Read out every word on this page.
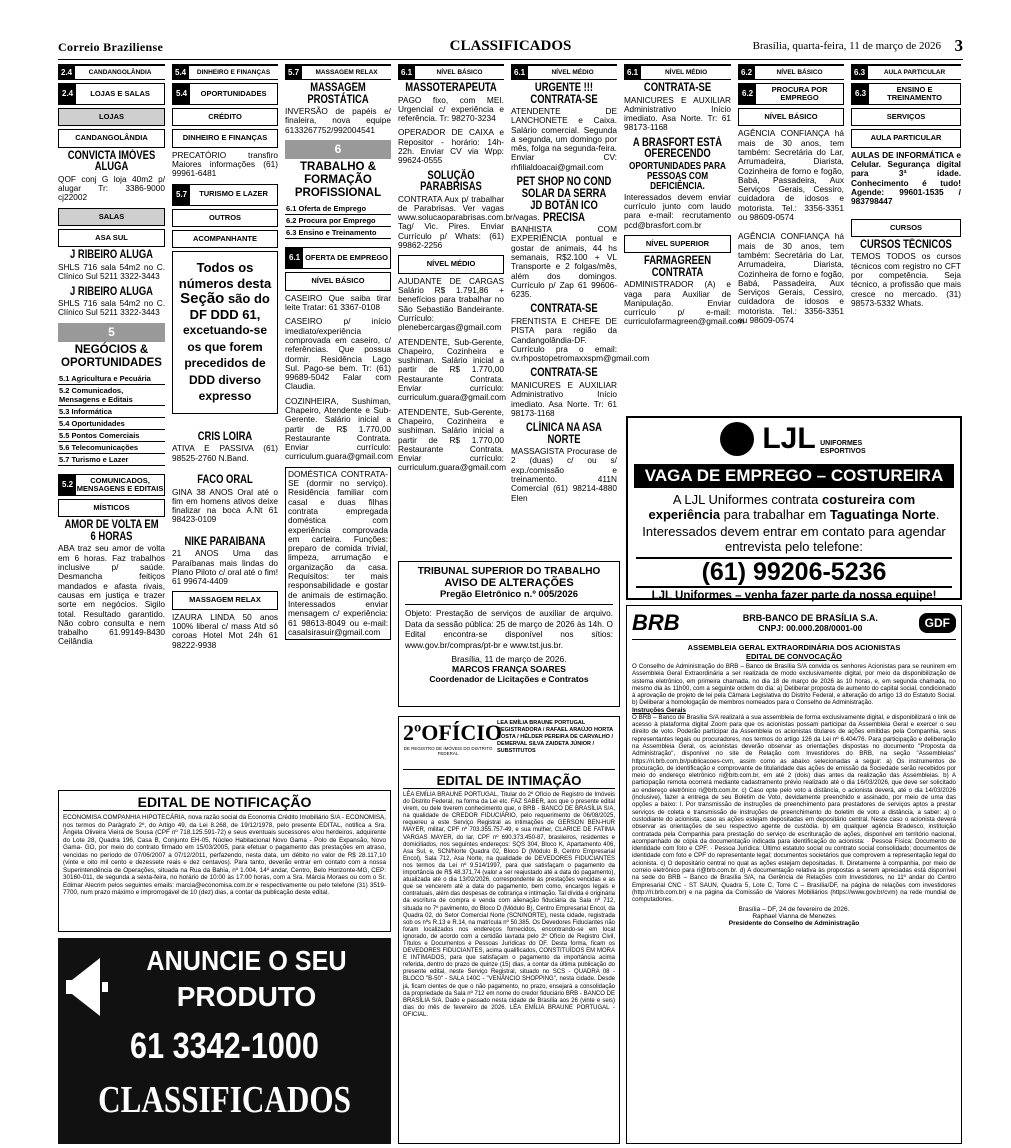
Correio Braziliense	CLASSIFICADOS	Brasília, quarta-feira, 11 de março de 2026 3
2.4	CANDANGOLÂNDIA
2.4	LOJAS E SALAS
LOJAS
CANDANGOLÂNDIA
CONVICTA IMÓVES ALUGA
QOF conj G loja 40m2 p/ alugar Tr: 3386-9000 cj22002
SALAS
ASA SUL
J RIBEIRO ALUGA
SHLS 716 sala 54m2 no C. Clínico Sul 5211 3322-3443
J RIBEIRO ALUGA
SHLS 716 sala 54m2 no C. Clínico Sul 5211 3322-3443
5
NEGÓCIOS & OPORTUNIDADES
5.1 Agricultura e Pecuária
5.2 Comunicados, Mensagens e Editais
5.3 Informática
5.4 Oportunidades
5.5 Pontos Comerciais
5.6 Telecomunicações
5.7 Turismo e Lazer
5.2	COMUNICADOS, MENSAGENS E EDITAIS
MÍSTICOS
AMOR DE VOLTA EM 6 HORAS
ABA traz seu amor de volta em 6 horas. Faz trabalhos inclusive p/ saúde. Desmancha feitiços mandados e afasta rivais, causas em justiça e trazer sorte em negócios. Sigilo total. Resultado garantido. Não cobro consulta e nem trabalho 61.99149-8430 Ceilândia
5.4	DINHEIRO E FINANÇAS
5.4	OPORTUNIDADES
CRÉDITO
DINHEIRO E FINANÇAS
PRECATÓRIO transfiro Maiores informações (61) 99961-6481
5.7	TURISMO E LAZER
OUTROS
ACOMPANHANTE
Todos os números desta Seção são do DF DDD 61, excetuando-se os que forem precedidos de DDD diverso expresso
CRIS LOIRA
ATIVA E PASSIVA (61) 98525-2760 N.Band.
FACO ORAL
GINA 38 ANOS Oral até o fim em homens ativos deixe finalizar na boca A.Nt 61 98423-0109
NIKE PARAIBANA
21 ANOS Uma das Paraíbanas mais lindas do Plano Piloto c/ oral até o fim! 61 99674-4409
MASSAGEM RELAX
IZAURA LINDA 50 anos 100% liberal c/ mass Atd só coroas Hotel Mot 24h 61 98222-9938
5.7	MASSAGEM RELAX
MASSAGEM PROSTÁTICA
INVERSÃO de papéis e/ finaleira, nova equipe 6133267752/992004541
6
TRABALHO & FORMAÇÃO PROFISSIONAL
6.1 Oferta de Emprego
6.2 Procura por Emprego
6.3 Ensino e Treinamento
6.1 OFERTA DE EMPREGO
NÍVEL BÁSICO
CASEIRO Que saiba tirar leite Tratar: 61 3367-0108
CASEIRO p/ início imediato/experiência comprovada em caseiro, c/ referências. Que possua dormir. Residência Lago Sul. Pago-se bem. Tr: (61) 99689-5042 Falar com Claudia.
COZINHEIRA, Sushiman, Chapeiro, Atendente e Sub-Gerente. Salário inicial a partir de R$ 1.770,00 Restaurante Contrata. Enviar currículo: curriculum.guara@gmail.com
DOMÉSTICA CONTRATA-SE (dormir no serviço). Residência familiar com casal e duas filhas contrata empregada doméstica com experiência comprovada em carteira. Funções: preparo de comida trivial, limpeza, arrumação e organização da casa. Requisitos: ter mais responsabilidade e gostar de animais de estimação. Interessados enviar mensagem c/ experiência: 61 98613-8049 ou e-mail: casalsirasuir@gmail.com
6.1	NÍVEL BÁSICO
MASSOTERAPEUTA
PAGO fixo, com MEI. Urgencial c/ experiência e referência. Tr: 98270-3234
OPERADOR DE CAIXA e Repositor - horário: 14h-22h. Enviar CV via Wpp: 99624-0555
SOLUÇÃO PARABRISAS
CONTRATA Aux p/ trabalhar de Parabrisas. Ver vagas www.solucaoparabrisas.com.br/vagas. Tag/ Vic. Pires. Enviar Currículo p/ Whats: (61) 99862-2256
NÍVEL MÉDIO
AJUDANTE DE CARGAS Salário R$ 1.791,86 + benefícios para trabalhar no São Sebastião Bandeirante. Currículo: plenebercargas@gmail.com
ATENDENTE, Sub-Gerente, Chapeiro, Cozinheira e sushiman. Salário inicial a partir de R$ 1.770,00 Restaurante Contrata. Enviar currículo: curriculum.guara@gmail.com
ATENDENTE, Sub-Gerente, Chapeiro, Cozinheira e sushiman. Salário inicial a partir de R$ 1.770,00 Restaurante Contrata. Enviar currículo: curriculum.guara@gmail.com
6.1	NÍVEL MÉDIO
URGENTE !!! CONTRATA-SE
ATENDENTE DE LANCHONETE e Caixa. Salário comercial. Segunda a segunda, um domingo por mês, folga na segunda-feira. Enviar CV: rhfilialdoacai@gmail.com
PET SHOP NO COND SOLAR DA SERRA
JD BOTÂN ICO PRECISA
BANHISTA COM EXPERIÊNCIA pontual e gostar de animais, 44 hs semanais, R$2.100 + VL Transporte e 2 folgas/mês, além dos domingos. Currículo p/ Zap 61 99606-6235.
CONTRATA-SE
FRENTISTA E CHEFE DE PISTA para região da Candangolândia-DF. Currículo pra o email: cv.rhpostopetromaxxspm@gmail.com
CONTRATA-SE
MANICURES E AUXILIAR Administrativo Início imediato. Asa Norte. Tr: 61 98173-1168
CLÍNICA NA ASA NORTE
MASSAGISTA Procurase de 2 (duas) c/ ou s/ exp./comissão e treinamento. 411N Comercial (61) 98214-4880 Elen
6.1	NÍVEL MÉDIO
CONTRATA-SE
MANICURES E AUXILIAR Administrativo Início imediato. Asa Norte. Tr: 61 98173-1168
A BRASFORT ESTÁ OFERECENDO
OPORTUNIDADES PARA PESSOAS COM DEFICIÊNCIA.
Interessados devem enviar currículo junto com laudo para e-mail: recrutamento pcd@brasfort.com.br
NÍVEL SUPERIOR
FARMAGREEN CONTRATA
ADMINISTRADOR (A) e vaga para Auxiliar de Manipulação. Enviar currículo p/ e-mail: curriculofarmagreen@gmail.com
6.2	NÍVEL BÁSICO
6.2	PROCURA POR EMPREGO
NÍVEL BÁSICO
AGÊNCIA CONFIANÇA há mais de 30 anos, tem também: Secretária do Lar, Arrumadeira, Diarista, Cozinheira de forno e fogão, Babá, Passadeira, Aux Serviços Gerais, Cessiro, cuidadora de idosos e motorista. Tel.: 3356-3351 ou 98609-0574
AGÊNCIA CONFIANÇA há mais de 30 anos, tem também: Secretária do Lar, Arrumadeira, Diarista, Cozinheira de forno e fogão, Babá, Passadeira, Aux Serviços Gerais, Cessiro, cuidadora de idosos e motorista. Tel.: 3356-3351 ou 98609-0574
6.3	AULA PARTICULAR
6.3	ENSINO E TREINAMENTO
SERVIÇOS
AULA PARTICULAR
AULAS DE INFORMÁTICA e Celular. Segurança digital para 3ª idade. Conhecimento é tudo! Agende: 99601-1535 / 983798447
CURSOS
CURSOS TÉCNICOS
TEMOS TODOS os cursos técnicos com registro no CFT por competência. Seja técnico, a profissão que mais cresce no mercado. (31) 98573-5332 Whats.
LJL UNIFORMES ESPORTIVOS
VAGA DE EMPREGO – COSTUREIRA
A LJL Uniformes contrata costureira com experiência para trabalhar em Taguatinga Norte.
Interessados devem entrar em contato para agendar entrevista pelo telefone:
(61) 99206-5236
LJL Uniformes – venha fazer parte da nossa equipe!
TRIBUNAL SUPERIOR DO TRABALHO
AVISO DE ALTERAÇÕES
Pregão Eletrônico n.º 005/2026
Objeto: Prestação de serviços de auxiliar de arquivo. Data da sessão pública: 25 de março de 2026 às 14h. O Edital encontra-se disponível nos sítios: www.gov.br/compras/pt-br e www.tst.jus.br.
Brasília, 11 de março de 2026.
MARCOS FRANÇA SOARES
Coordenador de Licitações e Contratos
2ºOFÍCIO
DE REGISTRO DE IMÓVEIS DO DISTRITO FEDERAL
LEA EMÍLIA BRAUNE PORTUGAL REGISTRADORA / RAFAEL ARAÚJO HORTA COSTA / HÉLDER PEREIRA DE CARVALHO / DEMERVAL SILVA ZAIDETA JÚNIOR / SUBSTITUTOS
EDITAL DE INTIMAÇÃO
LÉA EMÍLIA BRAUNE PORTUGAL, Titular do 2º Ofício de Registro de Imóveis do Distrito Federal, na forma da Lei etc. FAZ SABER, aos que o presente edital virem, ou dele tiverem conhecimento que, o BRB - BANCO DE BRASÍLIA S/A, na qualidade de CREDOR FIDUCIÁRIO, pelo requerimento de 06/08/2025, requereu a este Serviço Registral as intimações de GERSON BEN-HUR MAYER, militar, CPF nº 703.355.757-49, e sua mulher, CLARICE DE FATIMA VARGAS MAYER, do lar, CPF nº 690.373.450-87, brasileiros, residentes e domiciliados, nos seguintes endereços: SQS 304, Bloco K, Apartamento 406, Asa Sul, e, SCN/Norte Quadra 02, Bloco D (Módulo B, Centro Empresarial Encol), Sala 712, Asa Norte, na qualidade de DEVEDORES FIDUCIANTES nos termos da Lei nº 9.514/1997, para que satisfaçam o pagamento da importância de R$ 48.371,74 (valor a ser reajustado até a data do pagamento), atualizada até o dia 13/02/2026, correspondente às prestações vencidas e as que se vencerem até a data do pagamento, bem como, encargos legais e contratuais, além das despesas de cobrança e intimação. Tal dívida é originária da escritura de compra e venda com alienação fiduciária da Sala nº 712, situada no 7º pavimento, do Bloco D (Módulo B), Centro Empresarial Encol, da Quadra 02, do Setor Comercial Norte (SCN/NORTE), nesta cidade, registrada sob os nºs R.13 e R.14, na matrícula nº 50.385. Os Devedores Fiduciantes não foram localizados nos endereços fornecidos, encontrando-se em local ignorado, de acordo com a certidão lavrada pelo 2º Ofício de Registro Civil, Títulos e Documentos e Pessoas Jurídicas do DF. Desta forma, ficam os DEVEDORES FIDUCIANTES, acima qualificados, CONSTITUÍDOS EM MORA E INTIMADOS, para que satisfaçam o pagamento da importância acima referida, dentro do prazo de quinze (15) dias, a contar da última publicação do presente edital, neste Serviço Registral, situado no SCS - QUADRA 08 - BLOCO "B-50" - SALA 140C - "VENÂNCIO SHOPPING", nesta cidade. Desde já, ficam cientes de que o não pagamento, no prazo, ensejará a consolidação da propriedade da Sala nº 712 em nome do credor fiduciário BRB - BANCO DE BRASÍLIA S/A. Dado e passado nesta cidade de Brasília aos 26 (vinte e seis) dias do mês de fevereiro de 2026. LÉA EMÍLIA BRAUNE PORTUGAL - OFICIAL.
EDITAL DE NOTIFICAÇÃO
ECONOMISA COMPANHIA HIPOTECÁRIA, nova razão social da Economia Crédito Imobiliário S/A - ECONOMISA, nos termos do Parágrafo 2º, do Artigo 49, da Lei 8.268, de 19/12/1978, pelo presente EDITAL, notifica a Sra. Ângela Oliveira Vieira de Sousa (CPF nº 718.125.591-72) e seus eventuais sucessores e/ou herdeiros, adquirente do Lote 28, Quadra 196, Casa B, Conjunto EH-05, Núcleo Habitacional Novo Gama - Polo de Expansão, Novo Gama- GO, por meio do contrato firmado em 15/03/2005, para efetuar o pagamento das prestações em atraso, vencidas no período de 07/06/2007 a 07/12/2011, perfazendo, nesta data, um débito no valor de R$ 28.117,10 (vinte e oito mil cento e dezessete reais e dez centavos). Para tanto, deverão entrar em contato com a nossa Superintendência de Operações, situada na Rua da Bahia, nº 1.004, 14º andar, Centro, Belo Horizonte-MG, CEP: 30160-011, de segunda a sexta-feira, no horário de 10:00 às 17:00 horas, com a Sra. Márcia Moraes ou com o Sr. Edimar Alecrim pelos seguintes emails: marcia@economisa.com.br e respectivamente ou pelo telefone (31) 3519-7700, num prazo máximo e improrrogável de 10 (dez) dias, a contar da publicação deste edital.
ANUNCIE O SEU
PRODUTO
61 3342-1000
CLASSIFICADOS
BRB	BRB-BANCO DE BRASÍLIA S.A.
CNPJ: 00.000.208/0001-00	GDF
ASSEMBLEIA GERAL EXTRAORDINÁRIA DOS ACIONISTAS
EDITAL DE CONVOCAÇÃO
O Conselho de Administração do BRB – Banco de Brasília S/A convida os senhores Acionistas para se reunirem em Assembleia Geral Extraordinária a ser realizada de modo exclusivamente digital, por meio da disponibilização de sistema eletrônico, em primeira chamada, no dia 18 de março de 2026 às 10 horas, e, em segunda chamada, no mesmo dia às 11h00, com a seguinte ordem do dia: a) Deliberar proposta de aumento do capital social, condicionado à aprovação de projeto de lei pela Câmara Legislativa do Distrito Federal, e alteração do artigo 13 do Estatuto Social. b) Deliberar a homologação de membros nomeados para o Conselho de Administração.
Instruções Gerais
O BRB – Banco de Brasília S/A realizará a sua assembleia de forma exclusivamente digital, e disponibilizará o link de acesso à plataforma digital Zoom para que os acionistas possam participar da Assembleia Geral e exercer o seu direito de voto. Poderão participar da Assembleia os acionistas titulares de ações emitidas pela Companhia, seus representantes legais ou procuradores, nos termos do artigo 126 da Lei nº 6.404/76. Para participação e deliberação na Assembleia Geral, os acionistas deverão observar as orientações dispostas no documento "Proposta da Administração", disponível no site de Relação com Investidores do BRB, na seção "Assembleias" https://ri.brb.com.br/publicacoes-cvm, assim como as abaixo selecionadas a seguir: a) Os instrumentos de procuração, de identificação e comprovante de titularidade das ações de emissão da Sociedade serão recebidos por meio do endereço eletrônico ri@brb.com.br, em até 2 (dois) dias antes da realização das Assembleias. b) A participação remota ocorrerá mediante cadastramento prévio realizado até o dia 16/03/2026, que deve ser solicitado ao endereço eletrônico ri@brb.com.br. c) Caso opte pelo voto a distância, o acionista deverá, até o dia 14/03/2026 (inclusive), fazer a entrega de seu Boletim de Voto, devidamente preenchido e assinado, por meio de uma das opções a baixo: I. Por transmissão de instruções de preenchimento para prestadores de serviços aptos a prestar serviços de coleta e transmissão de instruções de preenchimento do boletim de voto a distância, a saber: a) o custodiante do acionista, caso as ações estejam depositadas em depositário central. Neste caso o acionista deverá observar as orientações de seu respectivo agente de custódia. b) em qualquer agência Bradesco, instituição contratada pela Companhia para prestação do serviço de escrituração de ações, disponível em território nacional, acompanhado de cópia da documentação indicada para identificação do acionista: · Pessoa Física: Documento de identidade com foto e CPF. · Pessoa Jurídica: Último estatuto social ou contrato social consolidado; documentos de identidade com foto e CPF do representante legal; documentos societários que comprovem a representação legal do acionista. c) O depositário central no qual as ações estejam depositadas. II. Diretamente à companhia, por meio de correio eletrônico para ri@brb.com.br. d) A documentação relativa às propostas a serem apreciadas está disponível na sede do BRB – Banco de Brasília S/A, na Gerência de Relações com Investidores, no 11º andar do Centro Empresarial CNC - ST SAUN, Quadra 5, Lote C, Torre C – Brasília/DF, na página de relações com investidores (http://ri.brb.com.br) e na página da Comissão de Valores Mobiliários (https://www.gov.br/cvm) na rede mundial de computadores.
Brasília – DF, 24 de fevereiro de 2026.
Raphael Vianna de Menezes
Presidente do Conselho de Administração
